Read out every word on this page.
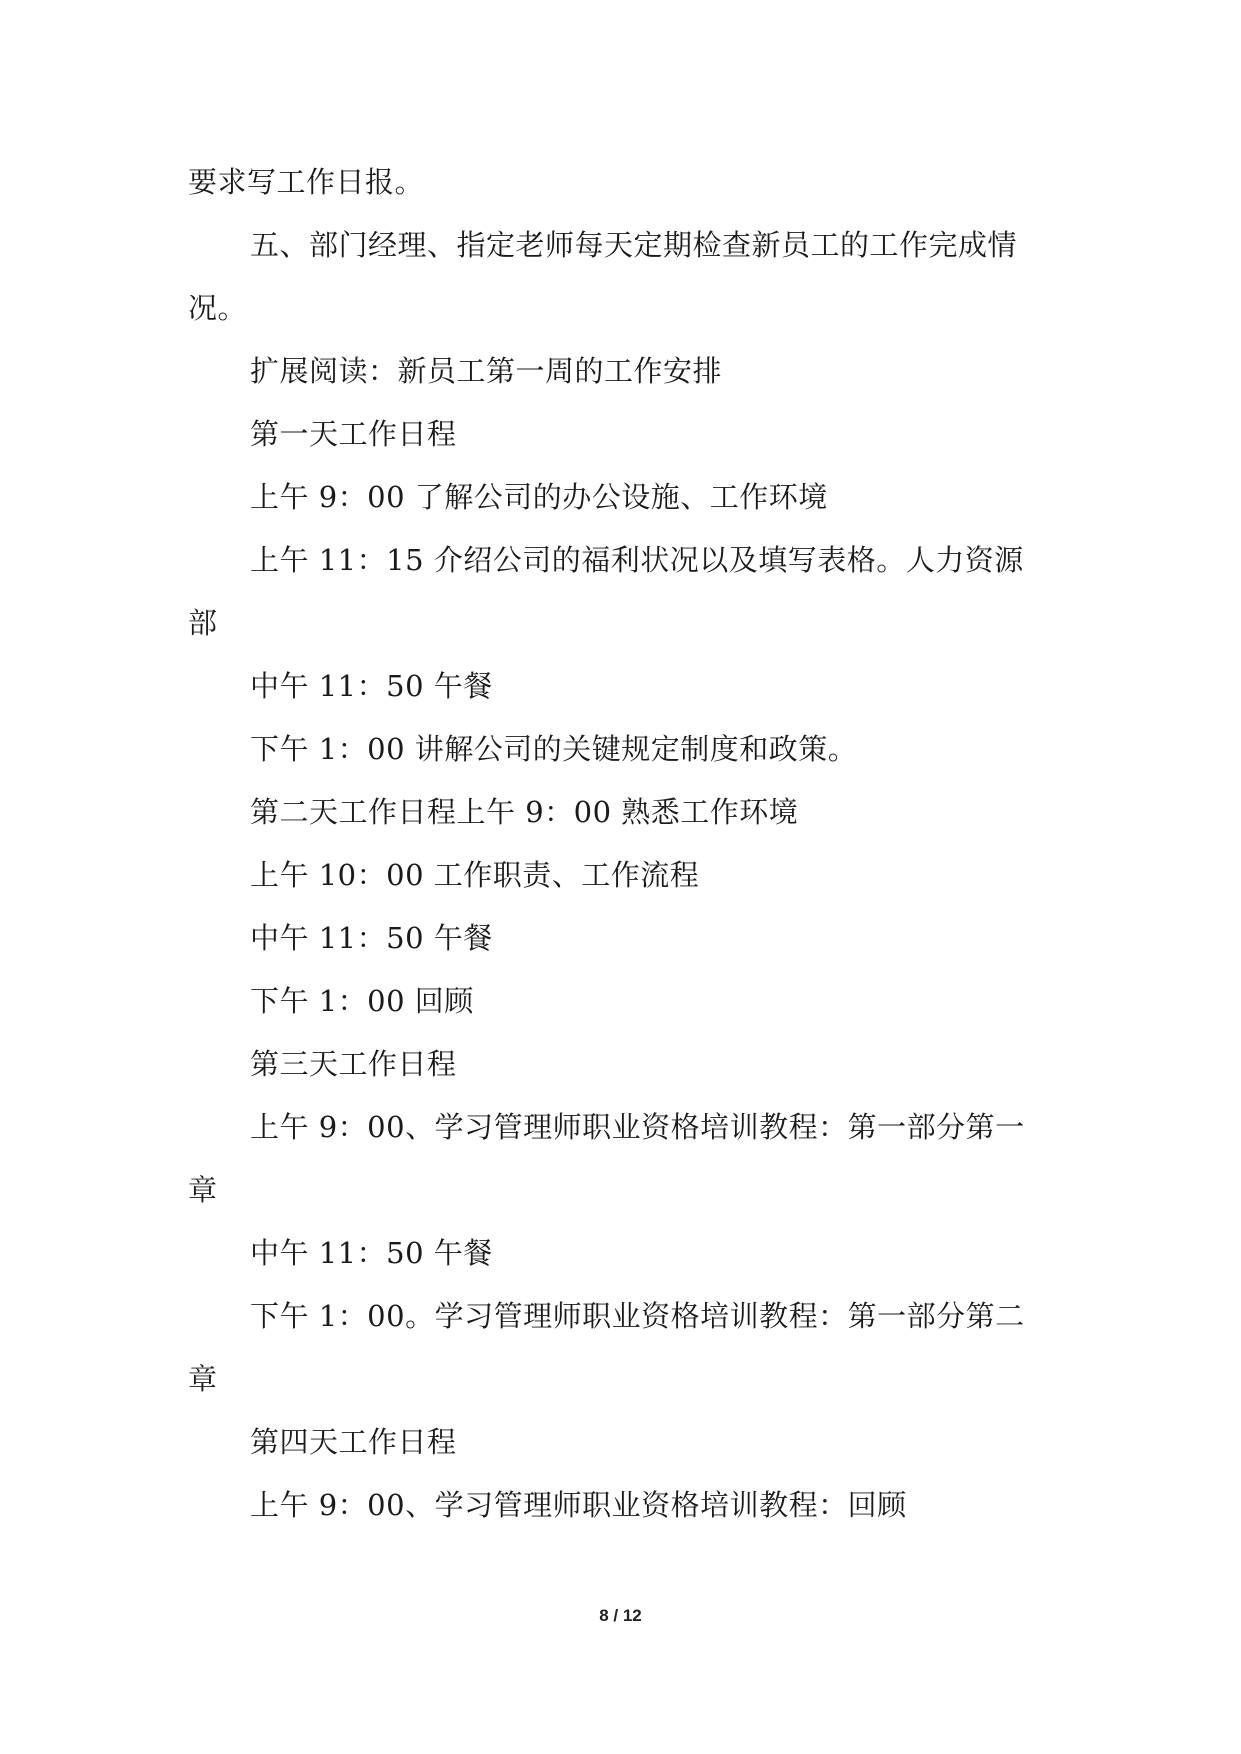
要求写工作日报。
五、部门经理、指定老师每天定期检查新员工的工作完成情
况。
扩展阅读：新员工第一周的工作安排
第一天工作日程
上午 9：00 了解公司的办公设施、工作环境
上午 11：15 介绍公司的福利状况以及填写表格。人力资源
部
中午 11：50 午餐
下午 1：00 讲解公司的关键规定制度和政策。
第二天工作日程上午 9：00 熟悉工作环境
上午 10：00 工作职责、工作流程
中午 11：50 午餐
下午 1：00 回顾
第三天工作日程
上午 9：00、学习管理师职业资格培训教程：第一部分第一
章
中午 11：50 午餐
下午 1：00。学习管理师职业资格培训教程：第一部分第二
章
第四天工作日程
上午 9：00、学习管理师职业资格培训教程：回顾
8 / 12
